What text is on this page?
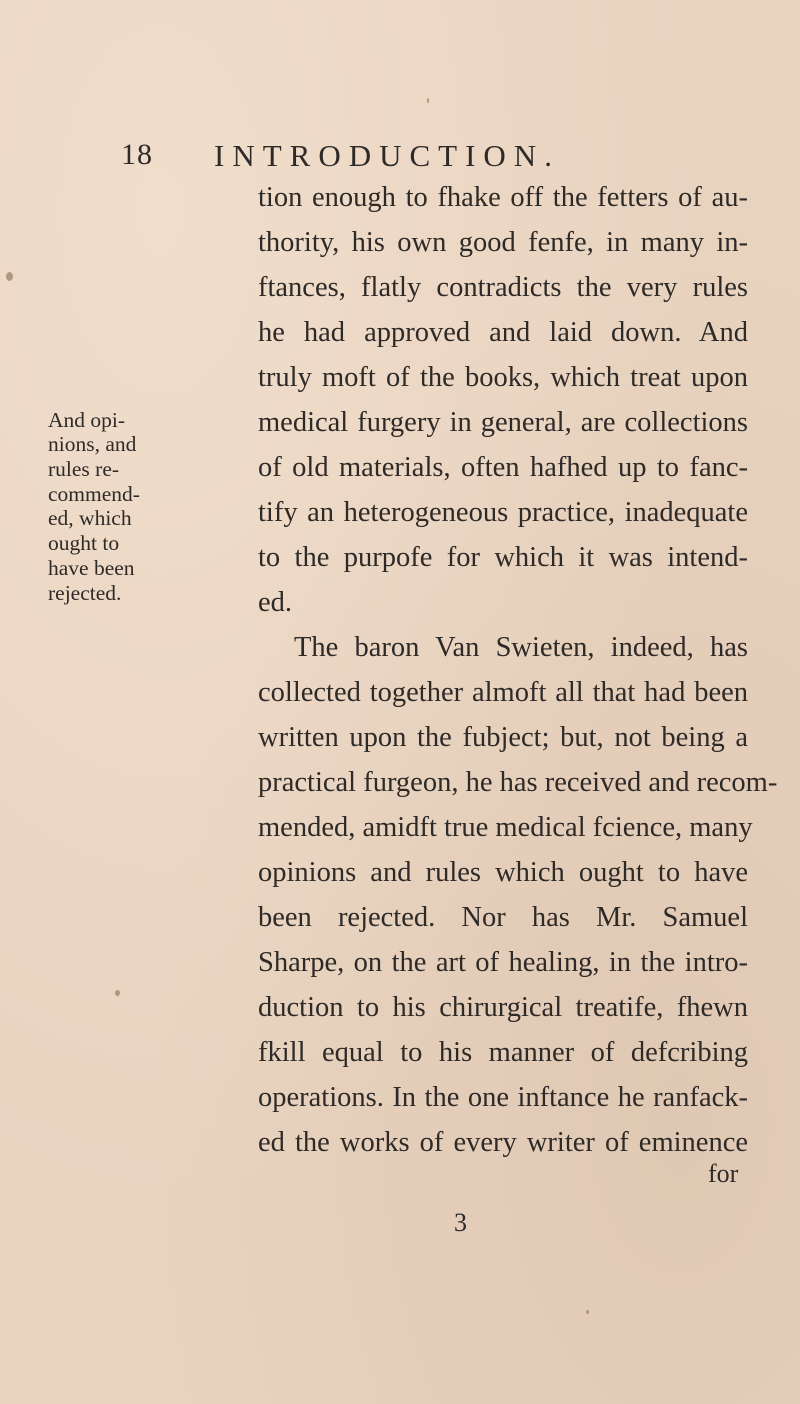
18 INTRODUCTION.
And opi-
nions, and
rules re-
commend-
ed, which
ought to
have been
rejected.
tion enough to fhake off the fetters of au-
thority, his own good fenfe, in many in-
ftances, flatly contradicts the very rules
he had approved and laid down. And
truly moft of the books, which treat upon
medical furgery in general, are collections
of old materials, often hafhed up to fanc-
tify an heterogeneous practice, inadequate
to the purpofe for which it was intend-
ed.
The baron Van Swieten, indeed, has
collected together almoft all that had been
written upon the fubject; but, not being a
practical furgeon, he has received and recom-
mended, amidft true medical fcience, many
opinions and rules which ought to have
been rejected. Nor has Mr. Samuel
Sharpe, on the art of healing, in the intro-
duction to his chirurgical treatife, fhewn
fkill equal to his manner of defcribing
operations. In the one inftance he ranfack-
ed the works of every writer of eminence
for
3
